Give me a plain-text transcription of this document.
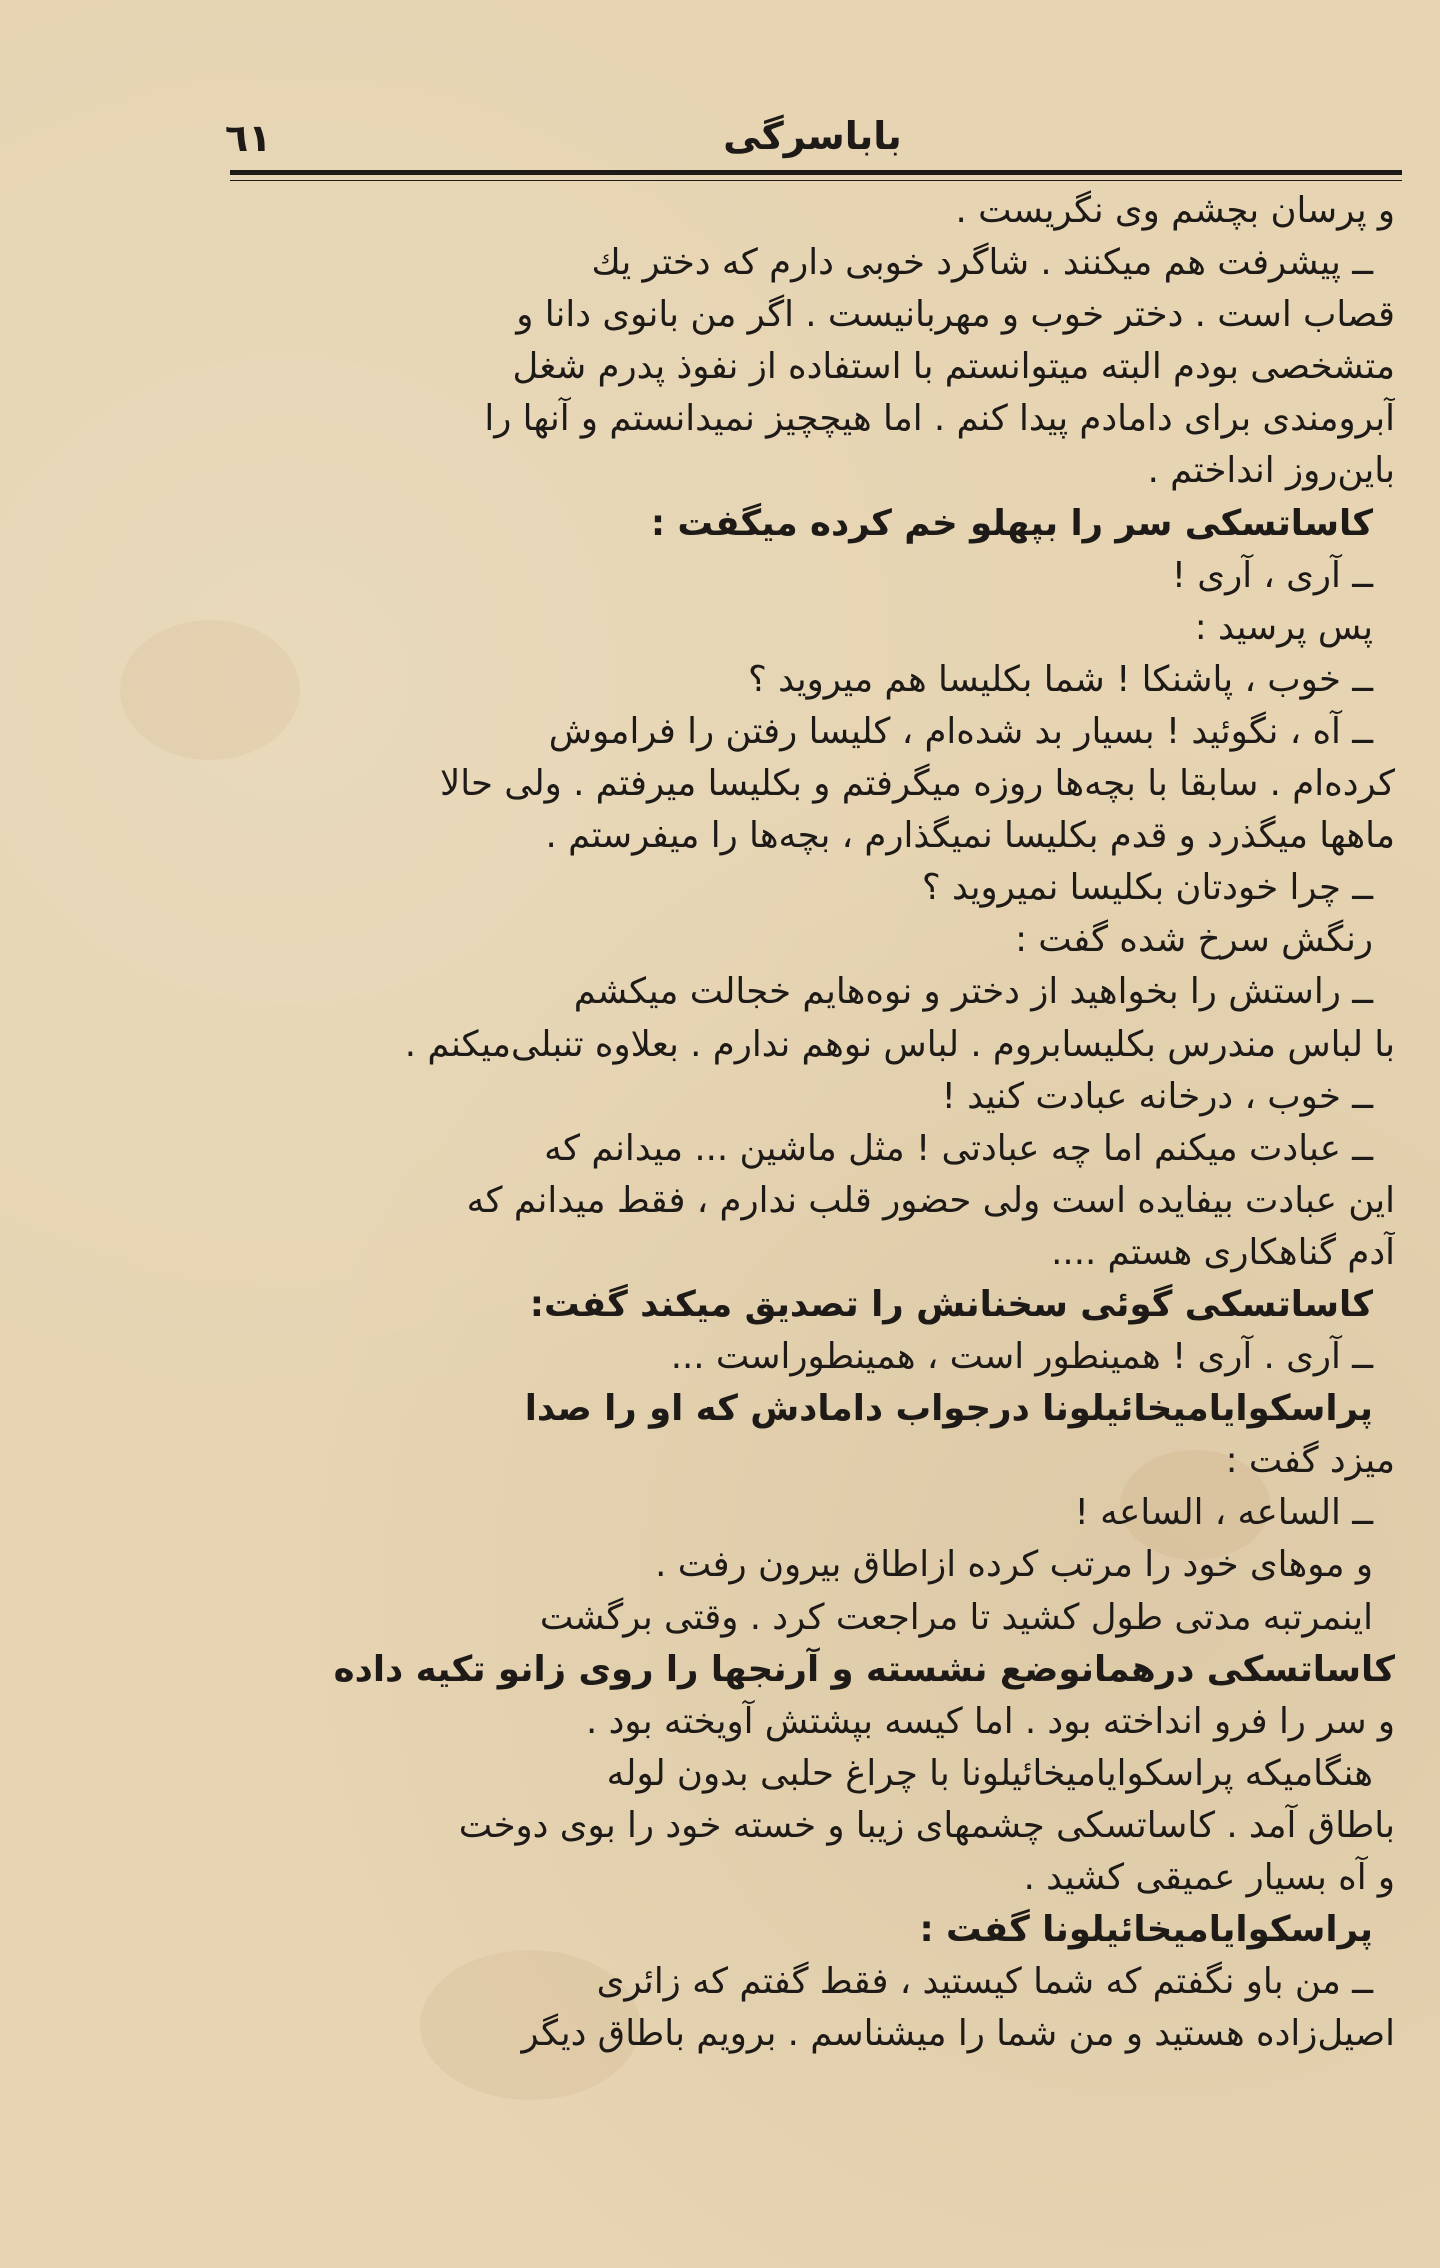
٦١	باباسرگی
و پرسان بچشم وی نگریست .
ــ پیشرفت هم میکنند . شاگرد خوبی دارم که دختر یك
قصاب است . دختر خوب و مهربانیست . اگر من بانوی دانا و
متشخصی بودم البته میتوانستم با استفاده از نفوذ پدرم شغل
آبرومندی برای دامادم پیدا کنم . اما هیچچیز نمیدانستم و آنها را
باین‌روز انداختم .
کاساتسکی سر را بپهلو خم کرده میگفت :
ــ آری ، آری !
پس پرسید :
ــ خوب ، پاشنکا ! شما بکلیسا هم میروید ؟
ــ آه ، نگوئید ! بسیار بد شده‌ام ، کلیسا رفتن را فراموش
کرده‌ام . سابقا با بچه‌ها روزه میگرفتم و بکلیسا میرفتم . ولی حالا
ماهها میگذرد و قدم بکلیسا نمیگذارم ، بچه‌ها را میفرستم .
ــ چرا خودتان بکلیسا نمیروید ؟
رنگش سرخ شده گفت :
ــ راستش را بخواهید از دختر و نوه‌هایم خجالت میکشم
با لباس مندرس بکلیسابروم . لباس نوهم ندارم . بعلاوه تنبلی‌میکنم .
ــ خوب ، درخانه عبادت کنید !
ــ عبادت میکنم اما چه عبادتی ! مثل ماشین ... میدانم که
این عبادت بیفایده است ولی حضور قلب ندارم ، فقط میدانم که
آدم گناهکاری هستم ....
کاساتسکی گوئی سخنانش را تصدیق میکند گفت:
ــ آری . آری ! همینطور است ، همینطوراست ...
پراسکوایامیخائیلونا درجواب دامادش که او را صدا
میزد گفت :
ــ الساعه ، الساعه !
و موهای خود را مرتب کرده ازاطاق بیرون رفت .
اینمرتبه مدتی طول کشید تا مراجعت کرد . وقتی برگشت
کاساتسکی درهمانوضع نشسته و آرنجها را روی زانو تکیه داده
و سر را فرو انداخته بود . اما کیسه بپشتش آویخته بود .
هنگامیکه پراسکوایامیخائیلونا با چراغ حلبی بدون لوله
باطاق آمد . کاساتسکی چشمهای زیبا و خسته خود را بوی دوخت
و آه بسیار عمیقی کشید .
پراسکوایامیخائیلونا گفت :
ــ من باو نگفتم که شما کیستید ، فقط گفتم که زائری
اصیل‌زاده هستید و من شما را میشناسم . برویم باطاق دیگر
